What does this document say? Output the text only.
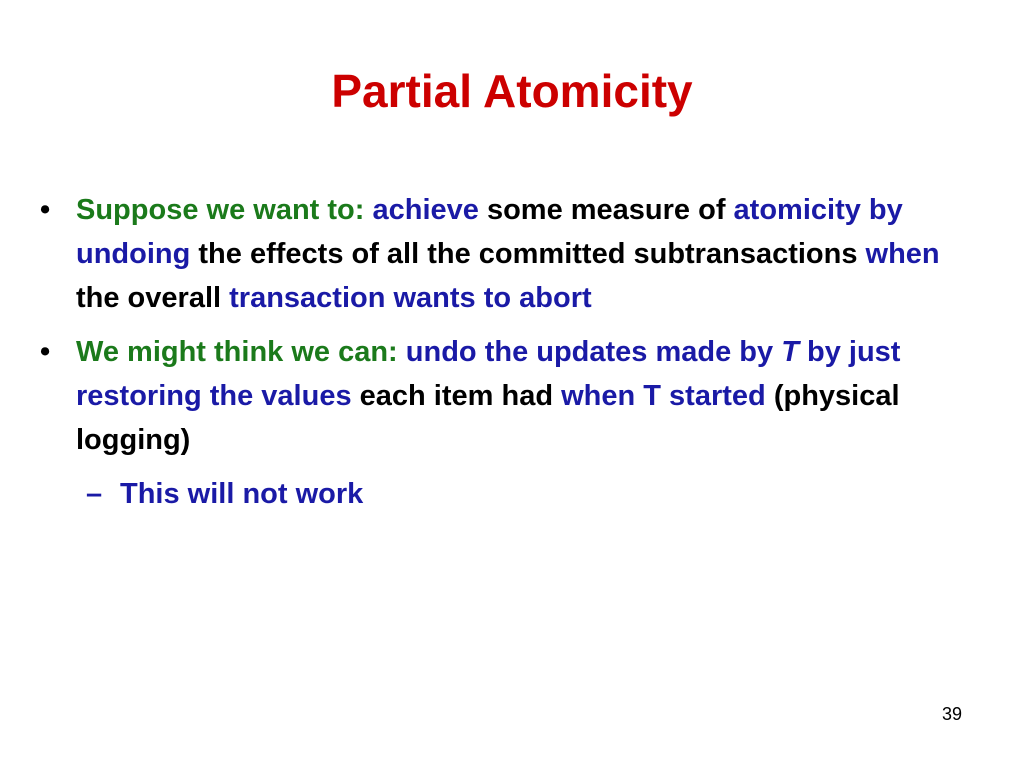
Partial Atomicity
• Suppose we want to: achieve some measure of atomicity by undoing the effects of all the committed subtransactions when the overall transaction wants to abort
• We might think we can: undo the updates made by T by just restoring the values each item had when T started (physical logging)
– This will not work
39
